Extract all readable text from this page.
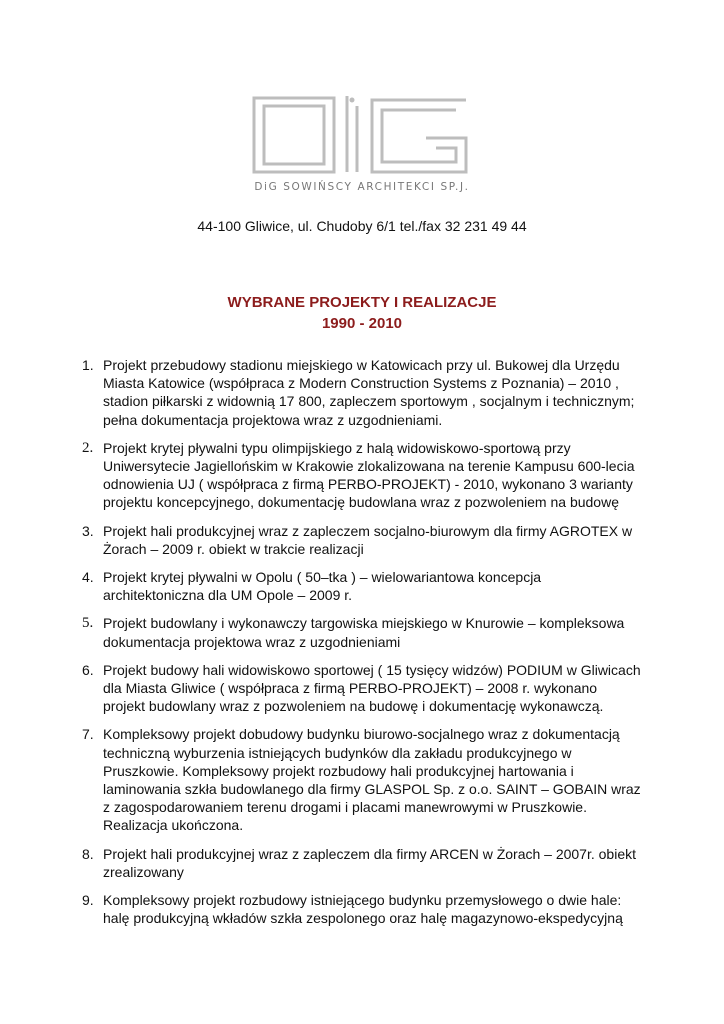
DiG SOWIŃSCY ARCHITEKCI SP.J.
44-100 Gliwice, ul. Chudoby 6/1 tel./fax 32 231 49 44
WYBRANE PROJEKTY I REALIZACJE
1990 - 2010
1. Projekt przebudowy stadionu miejskiego w Katowicach przy ul. Bukowej dla Urzędu Miasta Katowice (współpraca z Modern Construction Systems z Poznania) – 2010 , stadion piłkarski z widownią 17 800, zapleczem sportowym , socjalnym i technicznym; pełna dokumentacja projektowa wraz z uzgodnieniami.
2. Projekt krytej pływalni typu olimpijskiego z halą widowiskowo-sportową przy Uniwersytecie Jagiellońskim w Krakowie zlokalizowana na terenie Kampusu 600-lecia odnowienia UJ ( współpraca z firmą PERBO-PROJEKT) - 2010, wykonano 3 warianty projektu koncepcyjnego, dokumentację budowlana wraz z pozwoleniem na budowę
3. Projekt hali produkcyjnej wraz z zapleczem socjalno-biurowym dla firmy AGROTEX w Żorach – 2009 r. obiekt w trakcie realizacji
4. Projekt krytej pływalni w Opolu ( 50–tka ) – wielowariantowa koncepcja architektoniczna dla UM Opole – 2009 r.
5. Projekt budowlany i wykonawczy targowiska miejskiego w Knurowie – kompleksowa dokumentacja projektowa wraz z uzgodnieniami
6. Projekt budowy hali widowiskowo sportowej ( 15 tysięcy widzów) PODIUM w Gliwicach dla Miasta Gliwice ( współpraca z firmą PERBO-PROJEKT) – 2008 r. wykonano projekt budowlany wraz z pozwoleniem na budowę i dokumentację wykonawczą.
7. Kompleksowy projekt dobudowy budynku biurowo-socjalnego wraz z dokumentacją techniczną wyburzenia istniejących budynków dla zakładu produkcyjnego w Pruszkowie. Kompleksowy projekt rozbudowy hali produkcyjnej hartowania i laminowania szkła budowlanego dla firmy GLASPOL Sp. z o.o. SAINT – GOBAIN wraz z zagospodarowaniem terenu drogami i placami manewrowymi w Pruszkowie. Realizacja ukończona.
8. Projekt hali produkcyjnej wraz z zapleczem dla firmy ARCEN w Żorach – 2007r. obiekt zrealizowany
9. Kompleksowy projekt rozbudowy istniejącego budynku przemysłowego o dwie hale: halę produkcyjną wkładów szkła zespolonego oraz halę magazynowo-ekspedycyjną
